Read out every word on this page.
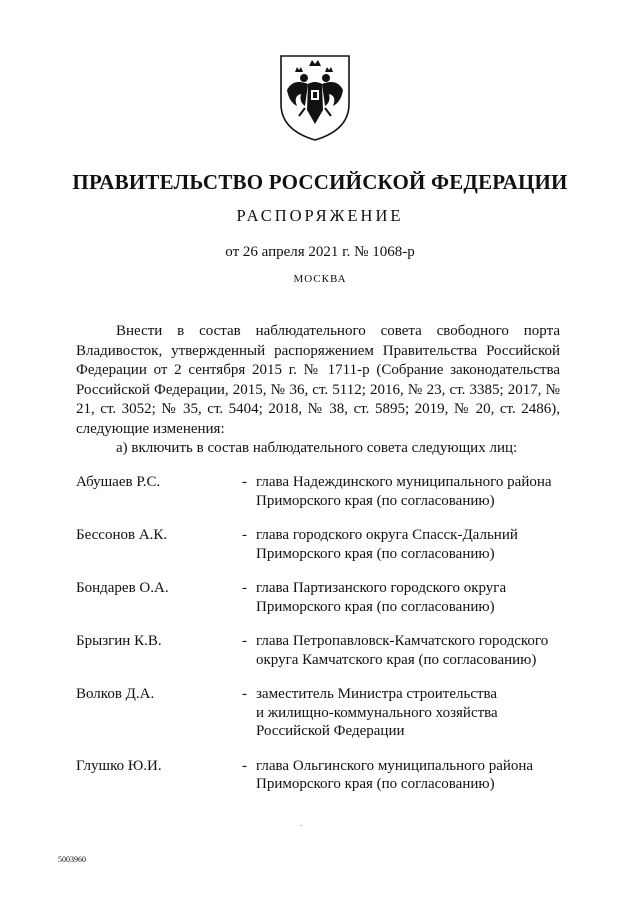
ПРАВИТЕЛЬСТВО РОССИЙСКОЙ ФЕДЕРАЦИИ
РАСПОРЯЖЕНИЕ
от 26 апреля 2021 г. № 1068-р
МОСКВА

Внести в состав наблюдательного совета свободного порта Владивосток, утвержденный распоряжением Правительства Российской Федерации от 2 сентября 2015 г. № 1711-р (Собрание законодательства Российской Федерации, 2015, № 36, ст. 5112; 2016, № 23, ст. 3385; 2017, № 21, ст. 3052; № 35, ст. 5404; 2018, № 38, ст. 5895; 2019, № 20, ст. 2486), следующие изменения:

а) включить в состав наблюдательного совета следующих лиц:

Абушаев Р.С.	- глава Надеждинского муниципального района
Приморского края (по согласованию)
Бессонов А.К.	- глава городского округа Спасск-Дальний
Приморского края (по согласованию)
Бондарев О.А.	- глава Партизанского городского округа
Приморского края (по согласованию)
Брызгин К.В.	- глава Петропавловск-Камчатского городского
округа Камчатского края (по согласованию)
Волков Д.А.	- заместитель Министра строительства
и жилищно-коммунального хозяйства
Российской Федерации
Глушко Ю.И.	- глава Ольгинского муниципального района
Приморского края (по согласованию)
5003960
